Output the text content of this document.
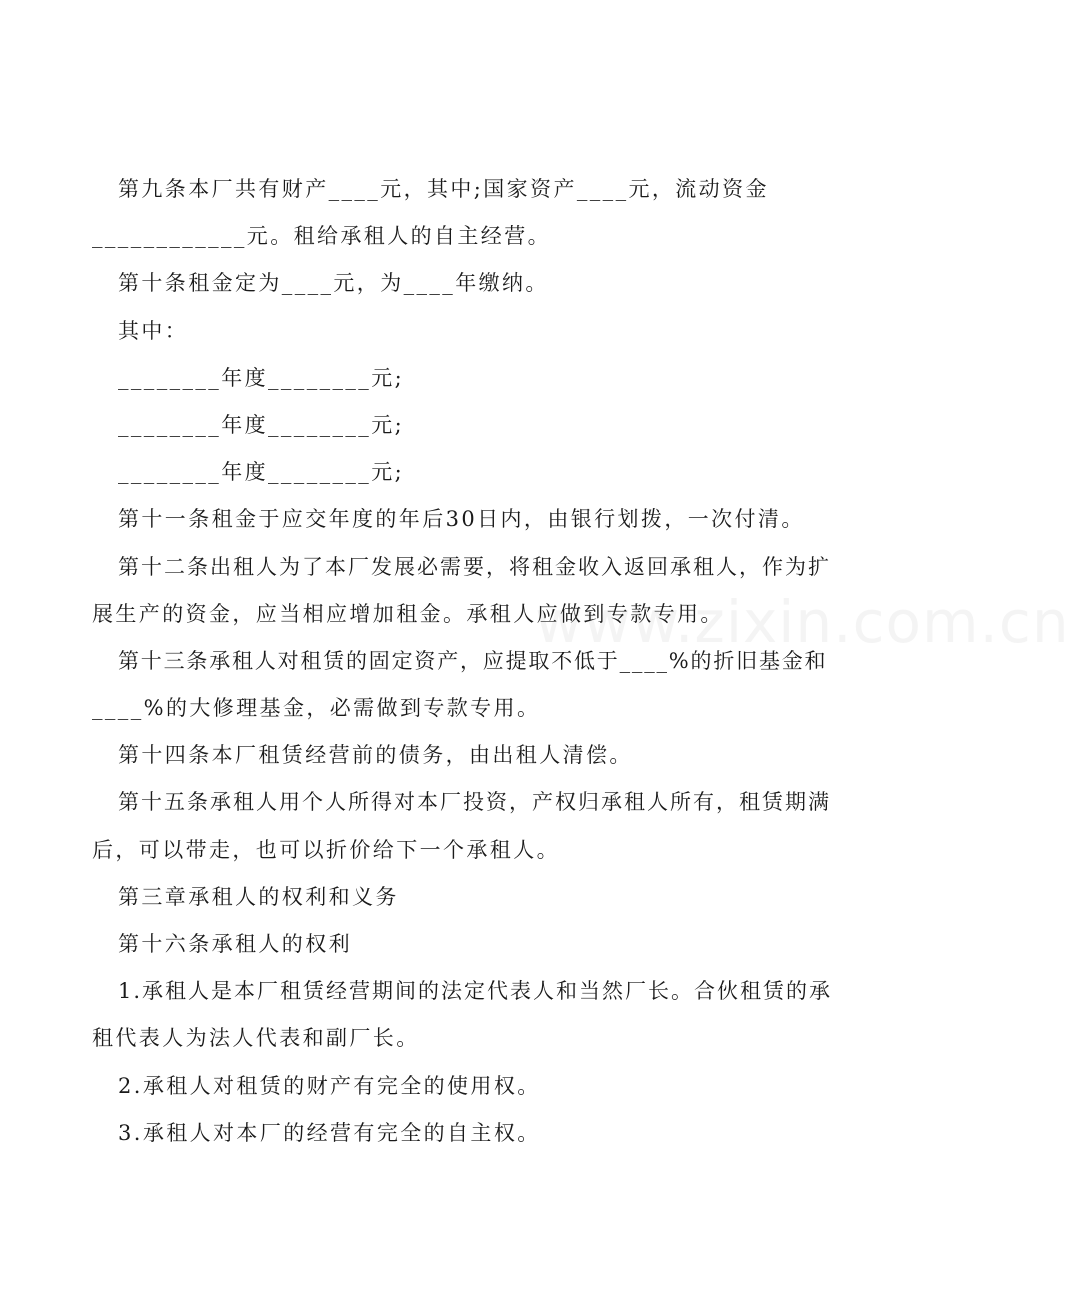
www.zixin.com.cn
第九条本厂共有财产____元，其中;国家资产____元，流动资金
____________元。租给承租人的自主经营。
第十条租金定为____元，为____年缴纳。
其中：
________年度________元;
________年度________元;
________年度________元;
第十一条租金于应交年度的年后30日内，由银行划拨，一次付清。
第十二条出租人为了本厂发展必需要，将租金收入返回承租人，作为扩
展生产的资金，应当相应增加租金。承租人应做到专款专用。
第十三条承租人对租赁的固定资产，应提取不低于____%的折旧基金和
____%的大修理基金，必需做到专款专用。
第十四条本厂租赁经营前的债务，由出租人清偿。
第十五条承租人用个人所得对本厂投资，产权归承租人所有，租赁期满
后，可以带走，也可以折价给下一个承租人。
第三章承租人的权利和义务
第十六条承租人的权利
1.承租人是本厂租赁经营期间的法定代表人和当然厂长。合伙租赁的承
租代表人为法人代表和副厂长。
2.承租人对租赁的财产有完全的使用权。
3.承租人对本厂的经营有完全的自主权。
